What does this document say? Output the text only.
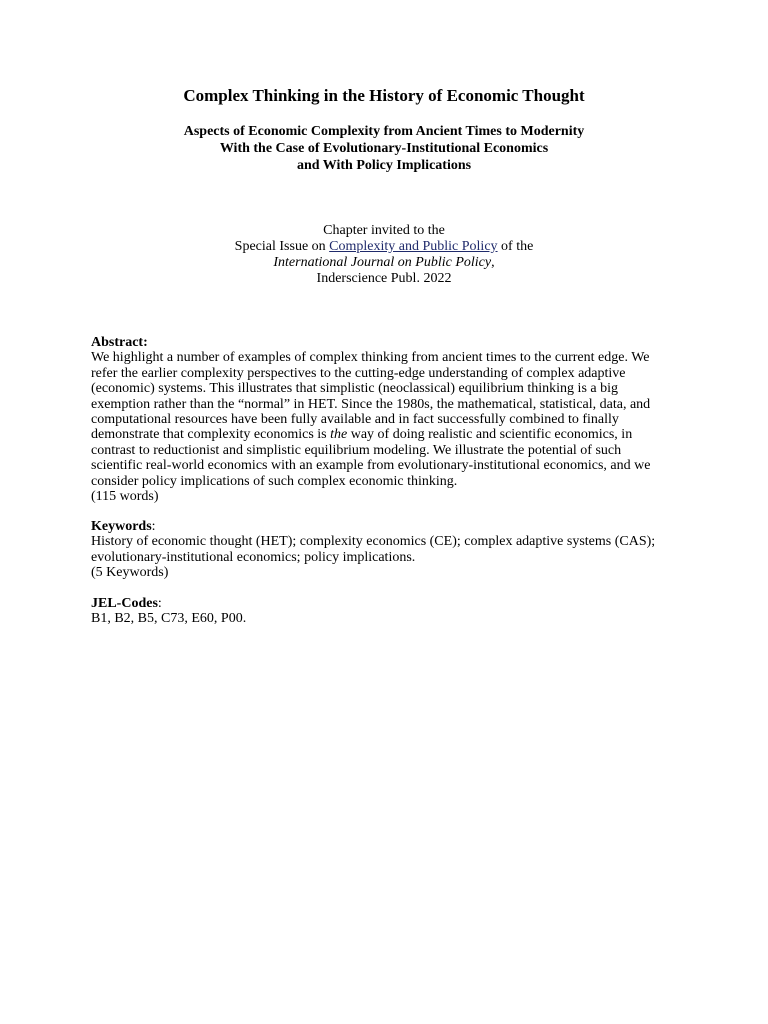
Complex Thinking in the History of Economic Thought
Aspects of Economic Complexity from Ancient Times to Modernity
With the Case of Evolutionary-Institutional Economics
and With Policy Implications
Chapter invited to the
Special Issue on Complexity and Public Policy of the
International Journal on Public Policy,
Inderscience Publ. 2022
Abstract:
We highlight a number of examples of complex thinking from ancient times to the current edge. We
refer the earlier complexity perspectives to the cutting-edge understanding of complex adaptive
(economic) systems. This illustrates that simplistic (neoclassical) equilibrium thinking is a big
exemption rather than the “normal” in HET. Since the 1980s, the mathematical, statistical, data, and
computational resources have been fully available and in fact successfully combined to finally
demonstrate that complexity economics is the way of doing realistic and scientific economics, in
contrast to reductionist and simplistic equilibrium modeling. We illustrate the potential of such
scientific real-world economics with an example from evolutionary-institutional economics, and we
consider policy implications of such complex economic thinking.
(115 words)
Keywords:
History of economic thought (HET); complexity economics (CE); complex adaptive systems (CAS);
evolutionary-institutional economics; policy implications.
(5 Keywords)
JEL-Codes:
B1, B2, B5, C73, E60, P00.
